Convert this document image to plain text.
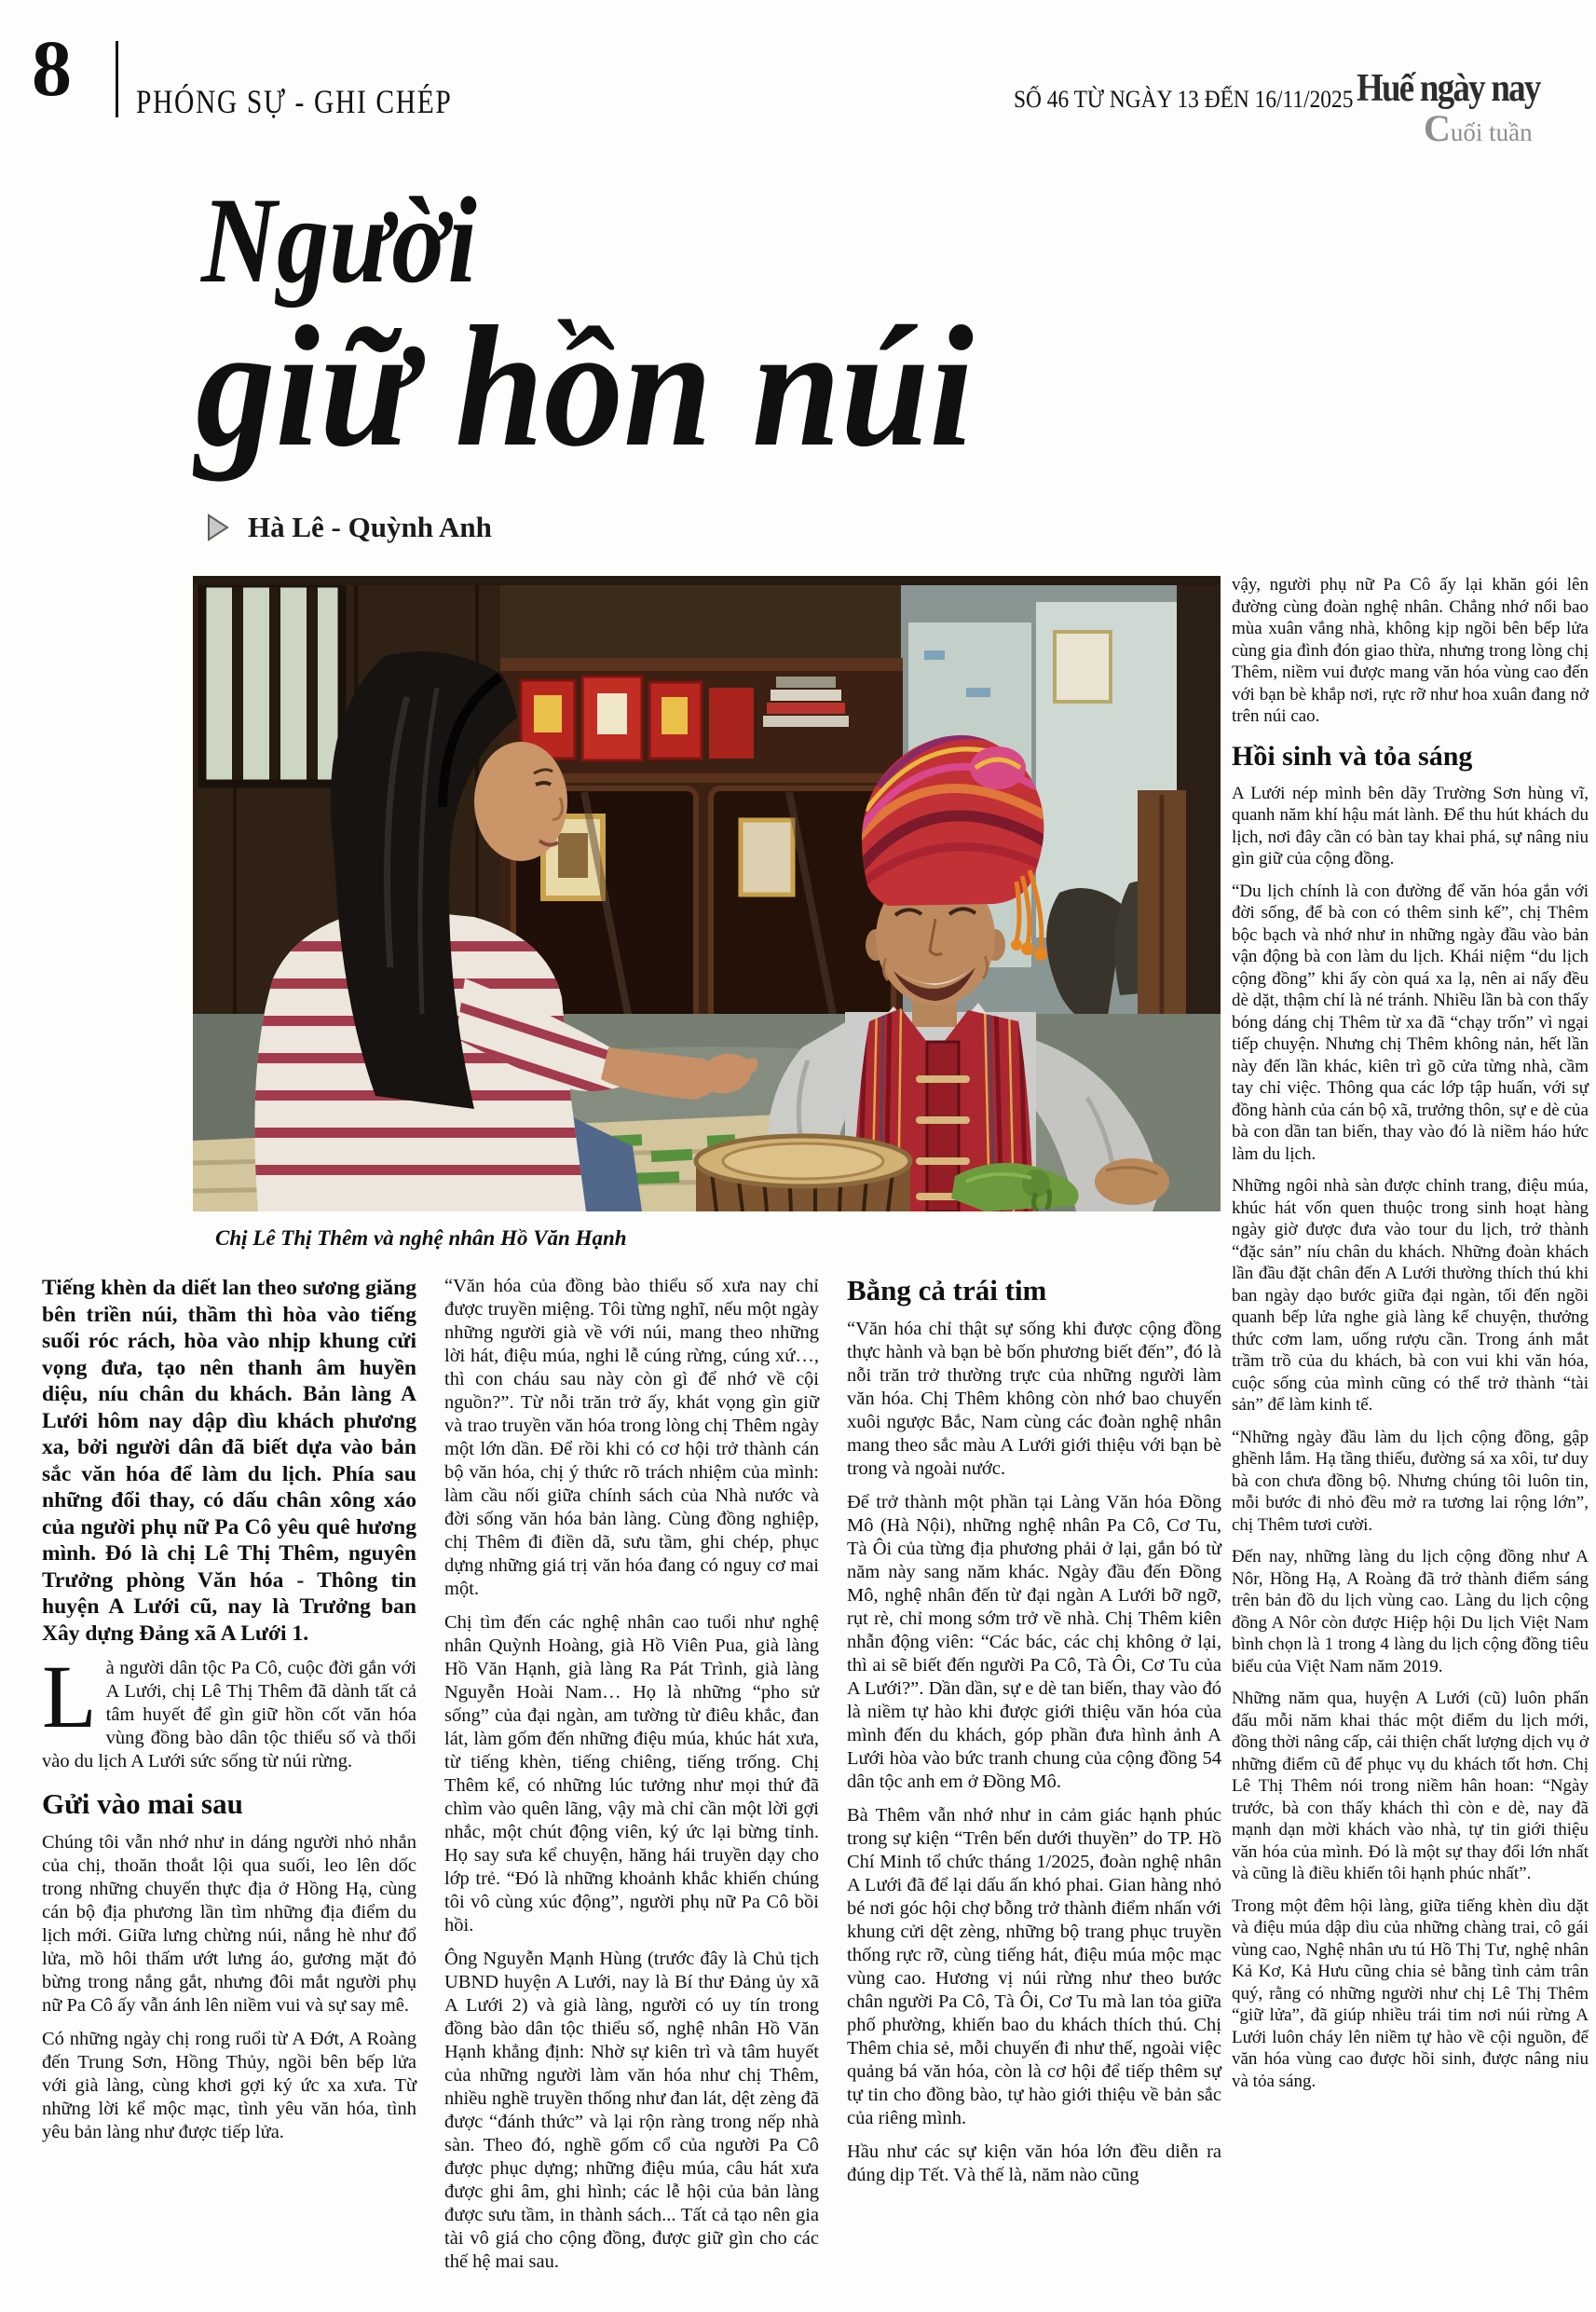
8 PHÓNG SỰ - GHI CHÉP	SỐ 46 TỪ NGÀY 13 ĐẾN 16/11/2025 Huế ngày nay
Cuối tuần
Người
giữ hồn núi
Hà Lê - Quỳnh Anh
Chị Lê Thị Thêm và nghệ nhân Hồ Văn Hạnh

Tiếng khèn da diết lan theo sương giăng bên triền núi, thầm thì hòa vào tiếng suối róc rách, hòa vào nhịp khung cửi vọng đưa, tạo nên thanh âm huyền diệu, níu chân du khách. Bản làng A Lưới hôm nay dập dìu khách phương xa, bởi người dân đã biết dựa vào bản sắc văn hóa để làm du lịch. Phía sau những đổi thay, có dấu chân xông xáo của người phụ nữ Pa Cô yêu quê hương mình. Đó là chị Lê Thị Thêm, nguyên Trưởng phòng Văn hóa - Thông tin huyện A Lưới cũ, nay là Trưởng ban Xây dựng Đảng xã A Lưới 1.

Là người dân tộc Pa Cô, cuộc đời gắn với A Lưới, chị Lê Thị Thêm đã dành tất cả tâm huyết để gìn giữ hồn cốt văn hóa vùng đồng bào dân tộc thiểu số và thổi vào du lịch A Lưới sức sống từ núi rừng.

Gửi vào mai sau

Chúng tôi vẫn nhớ như in dáng người nhỏ nhắn của chị, thoăn thoắt lội qua suối, leo lên dốc trong những chuyến thực địa ở Hồng Hạ, cùng cán bộ địa phương lần tìm những địa điểm du lịch mới. Giữa lưng chừng núi, nắng hè như đổ lửa, mồ hôi thấm ướt lưng áo, gương mặt đỏ bừng trong nắng gắt, nhưng đôi mắt người phụ nữ Pa Cô ấy vẫn ánh lên niềm vui và sự say mê.

Có những ngày chị rong ruổi từ A Đớt, A Roàng đến Trung Sơn, Hồng Thủy, ngồi bên bếp lửa với già làng, cùng khơi gợi ký ức xa xưa. Từ những lời kể mộc mạc, tình yêu văn hóa, tình yêu bản làng như được tiếp lửa.

“Văn hóa của đồng bào thiểu số xưa nay chỉ được truyền miệng. Tôi từng nghĩ, nếu một ngày những người già về với núi, mang theo những lời hát, điệu múa, nghi lễ cúng rừng, cúng xứ…, thì con cháu sau này còn gì để nhớ về cội nguồn?”. Từ nỗi trăn trở ấy, khát vọng gìn giữ và trao truyền văn hóa trong lòng chị Thêm ngày một lớn dần. Để rồi khi có cơ hội trở thành cán bộ văn hóa, chị ý thức rõ trách nhiệm của mình: làm cầu nối giữa chính sách của Nhà nước và đời sống văn hóa bản làng. Cùng đồng nghiệp, chị Thêm đi điền dã, sưu tầm, ghi chép, phục dựng những giá trị văn hóa đang có nguy cơ mai một.

Chị tìm đến các nghệ nhân cao tuổi như nghệ nhân Quỳnh Hoàng, già Hồ Viên Pua, già làng Hồ Văn Hạnh, già làng Ra Pát Trình, già làng Nguyễn Hoài Nam… Họ là những “pho sử sống” của đại ngàn, am tường từ điêu khắc, đan lát, làm gốm đến những điệu múa, khúc hát xưa, từ tiếng khèn, tiếng chiêng, tiếng trống. Chị Thêm kể, có những lúc tưởng như mọi thứ đã chìm vào quên lãng, vậy mà chỉ cần một lời gợi nhắc, một chút động viên, ký ức lại bừng tỉnh. Họ say sưa kể chuyện, hăng hái truyền dạy cho lớp trẻ. “Đó là những khoảnh khắc khiến chúng tôi vô cùng xúc động”, người phụ nữ Pa Cô bồi hồi.

Ông Nguyễn Mạnh Hùng (trước đây là Chủ tịch UBND huyện A Lưới, nay là Bí thư Đảng ủy xã A Lưới 2) và già làng, người có uy tín trong đồng bào dân tộc thiểu số, nghệ nhân Hồ Văn Hạnh khẳng định: Nhờ sự kiên trì và tâm huyết của những người làm văn hóa như chị Thêm, nhiều nghề truyền thống như đan lát, dệt zèng đã được “đánh thức” và lại rộn ràng trong nếp nhà sàn. Theo đó, nghề gốm cổ của người Pa Cô được phục dựng; những điệu múa, câu hát xưa được ghi âm, ghi hình; các lễ hội của bản làng được sưu tầm, in thành sách... Tất cả tạo nên gia tài vô giá cho cộng đồng, được giữ gìn cho các thế hệ mai sau.

Bằng cả trái tim

“Văn hóa chỉ thật sự sống khi được cộng đồng thực hành và bạn bè bốn phương biết đến”, đó là nỗi trăn trở thường trực của những người làm văn hóa. Chị Thêm không còn nhớ bao chuyến xuôi ngược Bắc, Nam cùng các đoàn nghệ nhân mang theo sắc màu A Lưới giới thiệu với bạn bè trong và ngoài nước.

Để trở thành một phần tại Làng Văn hóa Đồng Mô (Hà Nội), những nghệ nhân Pa Cô, Cơ Tu, Tà Ôi của từng địa phương phải ở lại, gắn bó từ năm này sang năm khác. Ngày đầu đến Đồng Mô, nghệ nhân đến từ đại ngàn A Lưới bỡ ngỡ, rụt rè, chỉ mong sớm trở về nhà. Chị Thêm kiên nhẫn động viên: “Các bác, các chị không ở lại, thì ai sẽ biết đến người Pa Cô, Tà Ôi, Cơ Tu của A Lưới?”. Dần dần, sự e dè tan biến, thay vào đó là niềm tự hào khi được giới thiệu văn hóa của mình đến du khách, góp phần đưa hình ảnh A Lưới hòa vào bức tranh chung của cộng đồng 54 dân tộc anh em ở Đồng Mô.

Bà Thêm vẫn nhớ như in cảm giác hạnh phúc trong sự kiện “Trên bến dưới thuyền” do TP. Hồ Chí Minh tổ chức tháng 1/2025, đoàn nghệ nhân A Lưới đã để lại dấu ấn khó phai. Gian hàng nhỏ bé nơi góc hội chợ bỗng trở thành điểm nhấn với khung cửi dệt zèng, những bộ trang phục truyền thống rực rỡ, cùng tiếng hát, điệu múa mộc mạc vùng cao. Hương vị núi rừng như theo bước chân người Pa Cô, Tà Ôi, Cơ Tu mà lan tỏa giữa phố phường, khiến bao du khách thích thú. Chị Thêm chia sẻ, mỗi chuyến đi như thế, ngoài việc quảng bá văn hóa, còn là cơ hội để tiếp thêm sự tự tin cho đồng bào, tự hào giới thiệu về bản sắc của riêng mình.

Hầu như các sự kiện văn hóa lớn đều diễn ra đúng dịp Tết. Và thế là, năm nào cũng

vậy, người phụ nữ Pa Cô ấy lại khăn gói lên đường cùng đoàn nghệ nhân. Chẳng nhớ nổi bao mùa xuân vắng nhà, không kịp ngồi bên bếp lửa cùng gia đình đón giao thừa, nhưng trong lòng chị Thêm, niềm vui được mang văn hóa vùng cao đến với bạn bè khắp nơi, rực rỡ như hoa xuân đang nở trên núi cao.

Hồi sinh và tỏa sáng

A Lưới nép mình bên dãy Trường Sơn hùng vĩ, quanh năm khí hậu mát lành. Để thu hút khách du lịch, nơi đây cần có bàn tay khai phá, sự nâng niu gìn giữ của cộng đồng.

“Du lịch chính là con đường để văn hóa gắn với đời sống, để bà con có thêm sinh kế”, chị Thêm bộc bạch và nhớ như in những ngày đầu vào bản vận động bà con làm du lịch. Khái niệm “du lịch cộng đồng” khi ấy còn quá xa lạ, nên ai nấy đều dè dặt, thậm chí là né tránh. Nhiều lần bà con thấy bóng dáng chị Thêm từ xa đã “chạy trốn” vì ngại tiếp chuyện. Nhưng chị Thêm không nản, hết lần này đến lần khác, kiên trì gõ cửa từng nhà, cầm tay chỉ việc. Thông qua các lớp tập huấn, với sự đồng hành của cán bộ xã, trưởng thôn, sự e dè của bà con dần tan biến, thay vào đó là niềm háo hức làm du lịch.

Những ngôi nhà sàn được chỉnh trang, điệu múa, khúc hát vốn quen thuộc trong sinh hoạt hàng ngày giờ được đưa vào tour du lịch, trở thành “đặc sản” níu chân du khách. Những đoàn khách lần đầu đặt chân đến A Lưới thường thích thú khi ban ngày dạo bước giữa đại ngàn, tối đến ngồi quanh bếp lửa nghe già làng kể chuyện, thưởng thức cơm lam, uống rượu cần. Trong ánh mắt trầm trồ của du khách, bà con vui khi văn hóa, cuộc sống của mình cũng có thể trở thành “tài sản” để làm kinh tế.

“Những ngày đầu làm du lịch cộng đồng, gập ghềnh lắm. Hạ tầng thiếu, đường sá xa xôi, tư duy bà con chưa đồng bộ. Nhưng chúng tôi luôn tin, mỗi bước đi nhỏ đều mở ra tương lai rộng lớn”, chị Thêm tươi cười.

Đến nay, những làng du lịch cộng đồng như A Nôr, Hồng Hạ, A Roàng đã trở thành điểm sáng trên bản đồ du lịch vùng cao. Làng du lịch cộng đồng A Nôr còn được Hiệp hội Du lịch Việt Nam bình chọn là 1 trong 4 làng du lịch cộng đồng tiêu biểu của Việt Nam năm 2019.

Những năm qua, huyện A Lưới (cũ) luôn phấn đấu mỗi năm khai thác một điểm du lịch mới, đồng thời nâng cấp, cải thiện chất lượng dịch vụ ở những điểm cũ để phục vụ du khách tốt hơn. Chị Lê Thị Thêm nói trong niềm hân hoan: “Ngày trước, bà con thấy khách thì còn e dè, nay đã mạnh dạn mời khách vào nhà, tự tin giới thiệu văn hóa của mình. Đó là một sự thay đổi lớn nhất và cũng là điều khiến tôi hạnh phúc nhất”.

Trong một đêm hội làng, giữa tiếng khèn dìu dặt và điệu múa dập dìu của những chàng trai, cô gái vùng cao, Nghệ nhân ưu tú Hồ Thị Tư, nghệ nhân Kả Kơ, Kả Hưu cũng chia sẻ bằng tình cảm trân quý, rằng có những người như chị Lê Thị Thêm “giữ lửa”, đã giúp nhiều trái tim nơi núi rừng A Lưới luôn cháy lên niềm tự hào về cội nguồn, để văn hóa vùng cao được hồi sinh, được nâng niu và tỏa sáng.
